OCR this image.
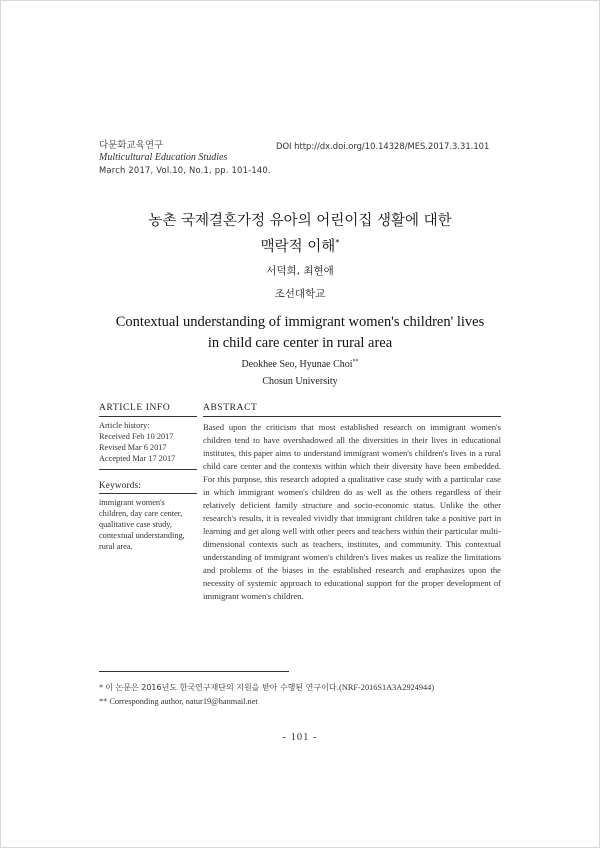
다문화교육연구
Multicultural Education Studies
March 2017, Vol.10, No.1, pp. 101-140.
DOI http://dx.doi.org/10.14328/MES.2017.3.31.101
농촌 국제결혼가정 유아의 어린이집 생활에 대한
맥락적 이해*
서덕희, 최현애
조선대학교
Contextual understanding of immigrant women's children' lives
in child care center in rural area
Deokhee Seo, Hyunae Choi**
Chosun University
ARTICLE INFO
Article history:
Received Feb 10 2017
Revised Mar 6 2017
Accepted Mar 17 2017
Keywords:
immigrant women's
children, day care center,
qualitative case study,
contextual understanding,
rural area.
ABSTRACT

Based upon the criticism that most established research on immigrant women's children tend to have overshadowed all the diversities in their lives in educational institutes, this paper aims to understand immigrant women's children's lives in a rural child care center and the contexts within which their diversity have been embedded. For this purpose, this research adopted a qualitative case study with a particular case in which immigrant women's children do as well as the others regardless of their relatively deficient family structure and socio-economic status. Unlike the other research's results, it is revealed vividly that immigrant children take a positive part in learning and get along well with other peers and teachers within their particular multi-dimensional contexts such as teachers, institutes, and community. This contextual understanding of immigrant women's children's lives makes us realize the limitations and problems of the biases in the established research and emphasizes upon the necessity of systemic approach to educational support for the proper development of immigrant women's children.

* 이 논문은 2016년도 한국연구재단의 지원을 받아 수행된 연구이다.(NRF-2016S1A3A2924944)
** Corresponding author, natur19@hanmail.net
- 101 -
